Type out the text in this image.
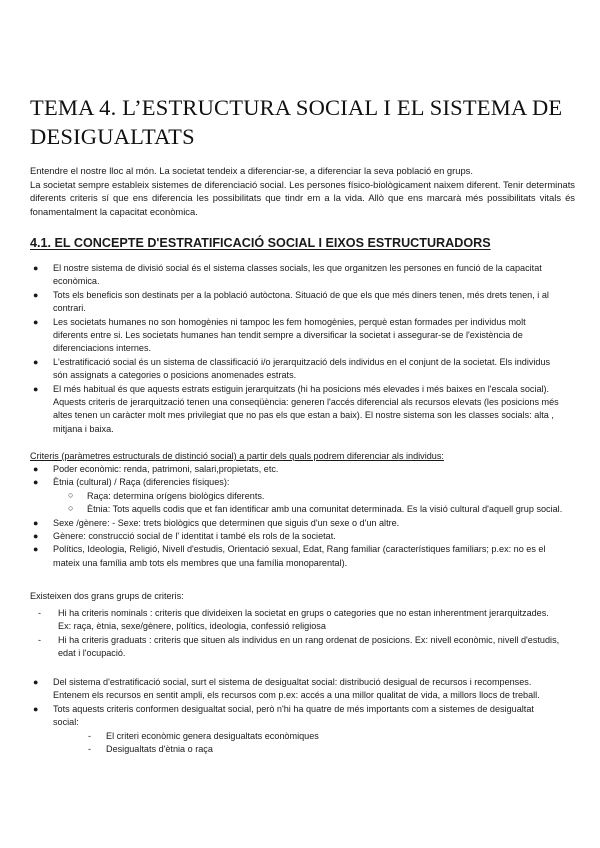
TEMA 4. L’ESTRUCTURA SOCIAL I EL SISTEMA DE DESIGUALTATS

Entendre el nostre lloc al món. La societat tendeix a diferenciar-se, a diferenciar la seva població en grups.

La societat sempre estableix sistemes de diferenciació social. Les persones físico-biològicament naixem diferent. Tenir determinats diferents criteris sí que ens diferencia les possibilitats que tindr em a la vida. Allò que ens marcarà més possibilitats vitals és fonamentalment la capacitat econòmica.

4.1. EL CONCEPTE D'ESTRATIFICACIÓ SOCIAL I EIXOS ESTRUCTURADORS
● El nostre sistema de divisió social és el sistema classes socials, les que organitzen les persones en funció de la capacitat econòmica.
● Tots els beneficis son destinats per a la població autòctona. Situació de que els que més diners tenen, més drets tenen, i al contrari.
● Les societats humanes no son homogènies ni tampoc les fem homogènies, perquè estan formades per individus molt diferents entre si. Les societats humanes han tendit sempre a diversificar la societat i assegurar-se de l'existència de diferenciacions internes.
● L'estratificació social és un sistema de classificació i/o jerarquització dels individus en el conjunt de la societat. Els individus són assignats a categories o posicions anomenades estrats.
● El més habitual és que aquests estrats estiguin jerarquitzats (hi ha posicions més elevades i més baixes en l'escala social). Aquests criteris de jerarquització tenen una conseqüència: generen l'accés diferencial als recursos elevats (les posicions més altes tenen un caràcter molt mes privilegiat que no pas els que estan a baix). El nostre sistema son les classes socials: alta , mitjana i baixa.

Criteris (paràmetres estructurals de distinció social) a partir dels quals podrem diferenciar als individus:

● Poder econòmic: renda, patrimoni, salari,propietats, etc.
● Ètnia (cultural) / Raça (diferencies físiques):
○ Raça: determina orígens biològics diferents.
○ Ètnia: Tots aquells codis que et fan identificar amb una comunitat determinada. Es la visió cultural d'aquell grup social.
● Sexe /gènere: - Sexe: trets biològics que determinen que siguis d'un sexe o d'un altre.
● Gènere: construcció social de l' identitat i també els rols de la societat.
● Polítics, Ideologia, Religió, Nivell d'estudis, Orientació sexual, Edat, Rang familiar (característiques familiars; p.ex: no es el mateix una família amb tots els membres que una família monoparental).

Existeixen dos grans grups de criteris:

- Hi ha criteris nominals : criteris que divideixen la societat en grups o categories que no estan inherentment jerarquitzades. Ex: raça, ètnia, sexe/gènere, polítics, ideologia, confessió religiosa
- Hi ha criteris graduats : criteris que situen als individus en un rang ordenat de posicions. Ex: nivell econòmic, nivell d'estudis, edat i l'ocupació.
● Del sistema d'estratificació social, surt el sistema de desigualtat social: distribució desigual de recursos i recompenses. Entenem els recursos en sentit ampli, els recursos com p.ex: accés a una millor qualitat de vida, a millors llocs de treball.
● Tots aquests criteris conformen desigualtat social, però n'hi ha quatre de més importants com a sistemes de desigualtat social:
- El criteri econòmic genera desigualtats econòmiques
- Desigualtats d'ètnia o raça
